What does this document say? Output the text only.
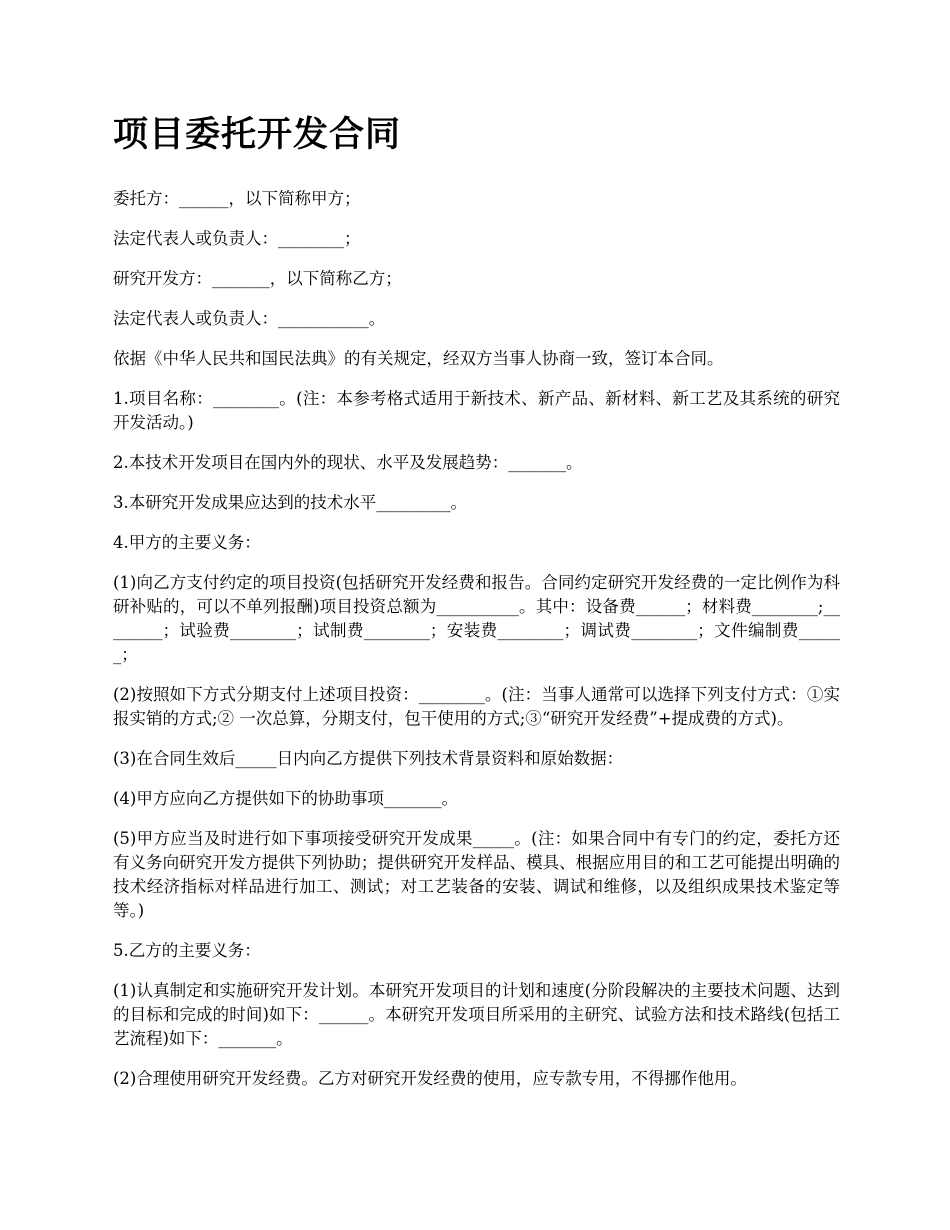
项目委托开发合同

委托方：______，以下简称甲方；

法定代表人或负责人：________；

研究开发方：_______，以下简称乙方；

法定代表人或负责人：___________。

依据《中华人民共和国民法典》的有关规定，经双方当事人协商一致，签订本合同。

1.项目名称：________。(注：本参考格式适用于新技术、新产品、新材料、新工艺及其系统的研究开发活动。)

2.本技术开发项目在国内外的现状、水平及发展趋势：_______。

3.本研究开发成果应达到的技术水平_________。

4.甲方的主要义务：

(1)向乙方支付约定的项目投资(包括研究开发经费和报告。合同约定研究开发经费的一定比例作为科研补贴的，可以不单列报酬)项目投资总额为__________。其中：设备费______；材料费________;________；试验费________；试制费________；安装费________；调试费________；文件编制费______；

(2)按照如下方式分期支付上述项目投资：________。(注：当事人通常可以选择下列支付方式：①实报实销的方式;② 一次总算，分期支付，包干使用的方式;③“研究开发经费”+提成费的方式)。

(3)在合同生效后_____日内向乙方提供下列技术背景资料和原始数据：

(4)甲方应向乙方提供如下的协助事项_______。

(5)甲方应当及时进行如下事项接受研究开发成果_____。(注：如果合同中有专门的约定，委托方还有义务向研究开发方提供下列协助；提供研究开发样品、模具、根据应用目的和工艺可能提出明确的技术经济指标对样品进行加工、测试；对工艺装备的安装、调试和维修，以及组织成果技术鉴定等等。)

5.乙方的主要义务：

(1)认真制定和实施研究开发计划。本研究开发项目的计划和速度(分阶段解决的主要技术问题、达到的目标和完成的时间)如下：______。本研究开发项目所采用的主研究、试验方法和技术路线(包括工艺流程)如下：_______。

(2)合理使用研究开发经费。乙方对研究开发经费的使用，应专款专用，不得挪作他用。
